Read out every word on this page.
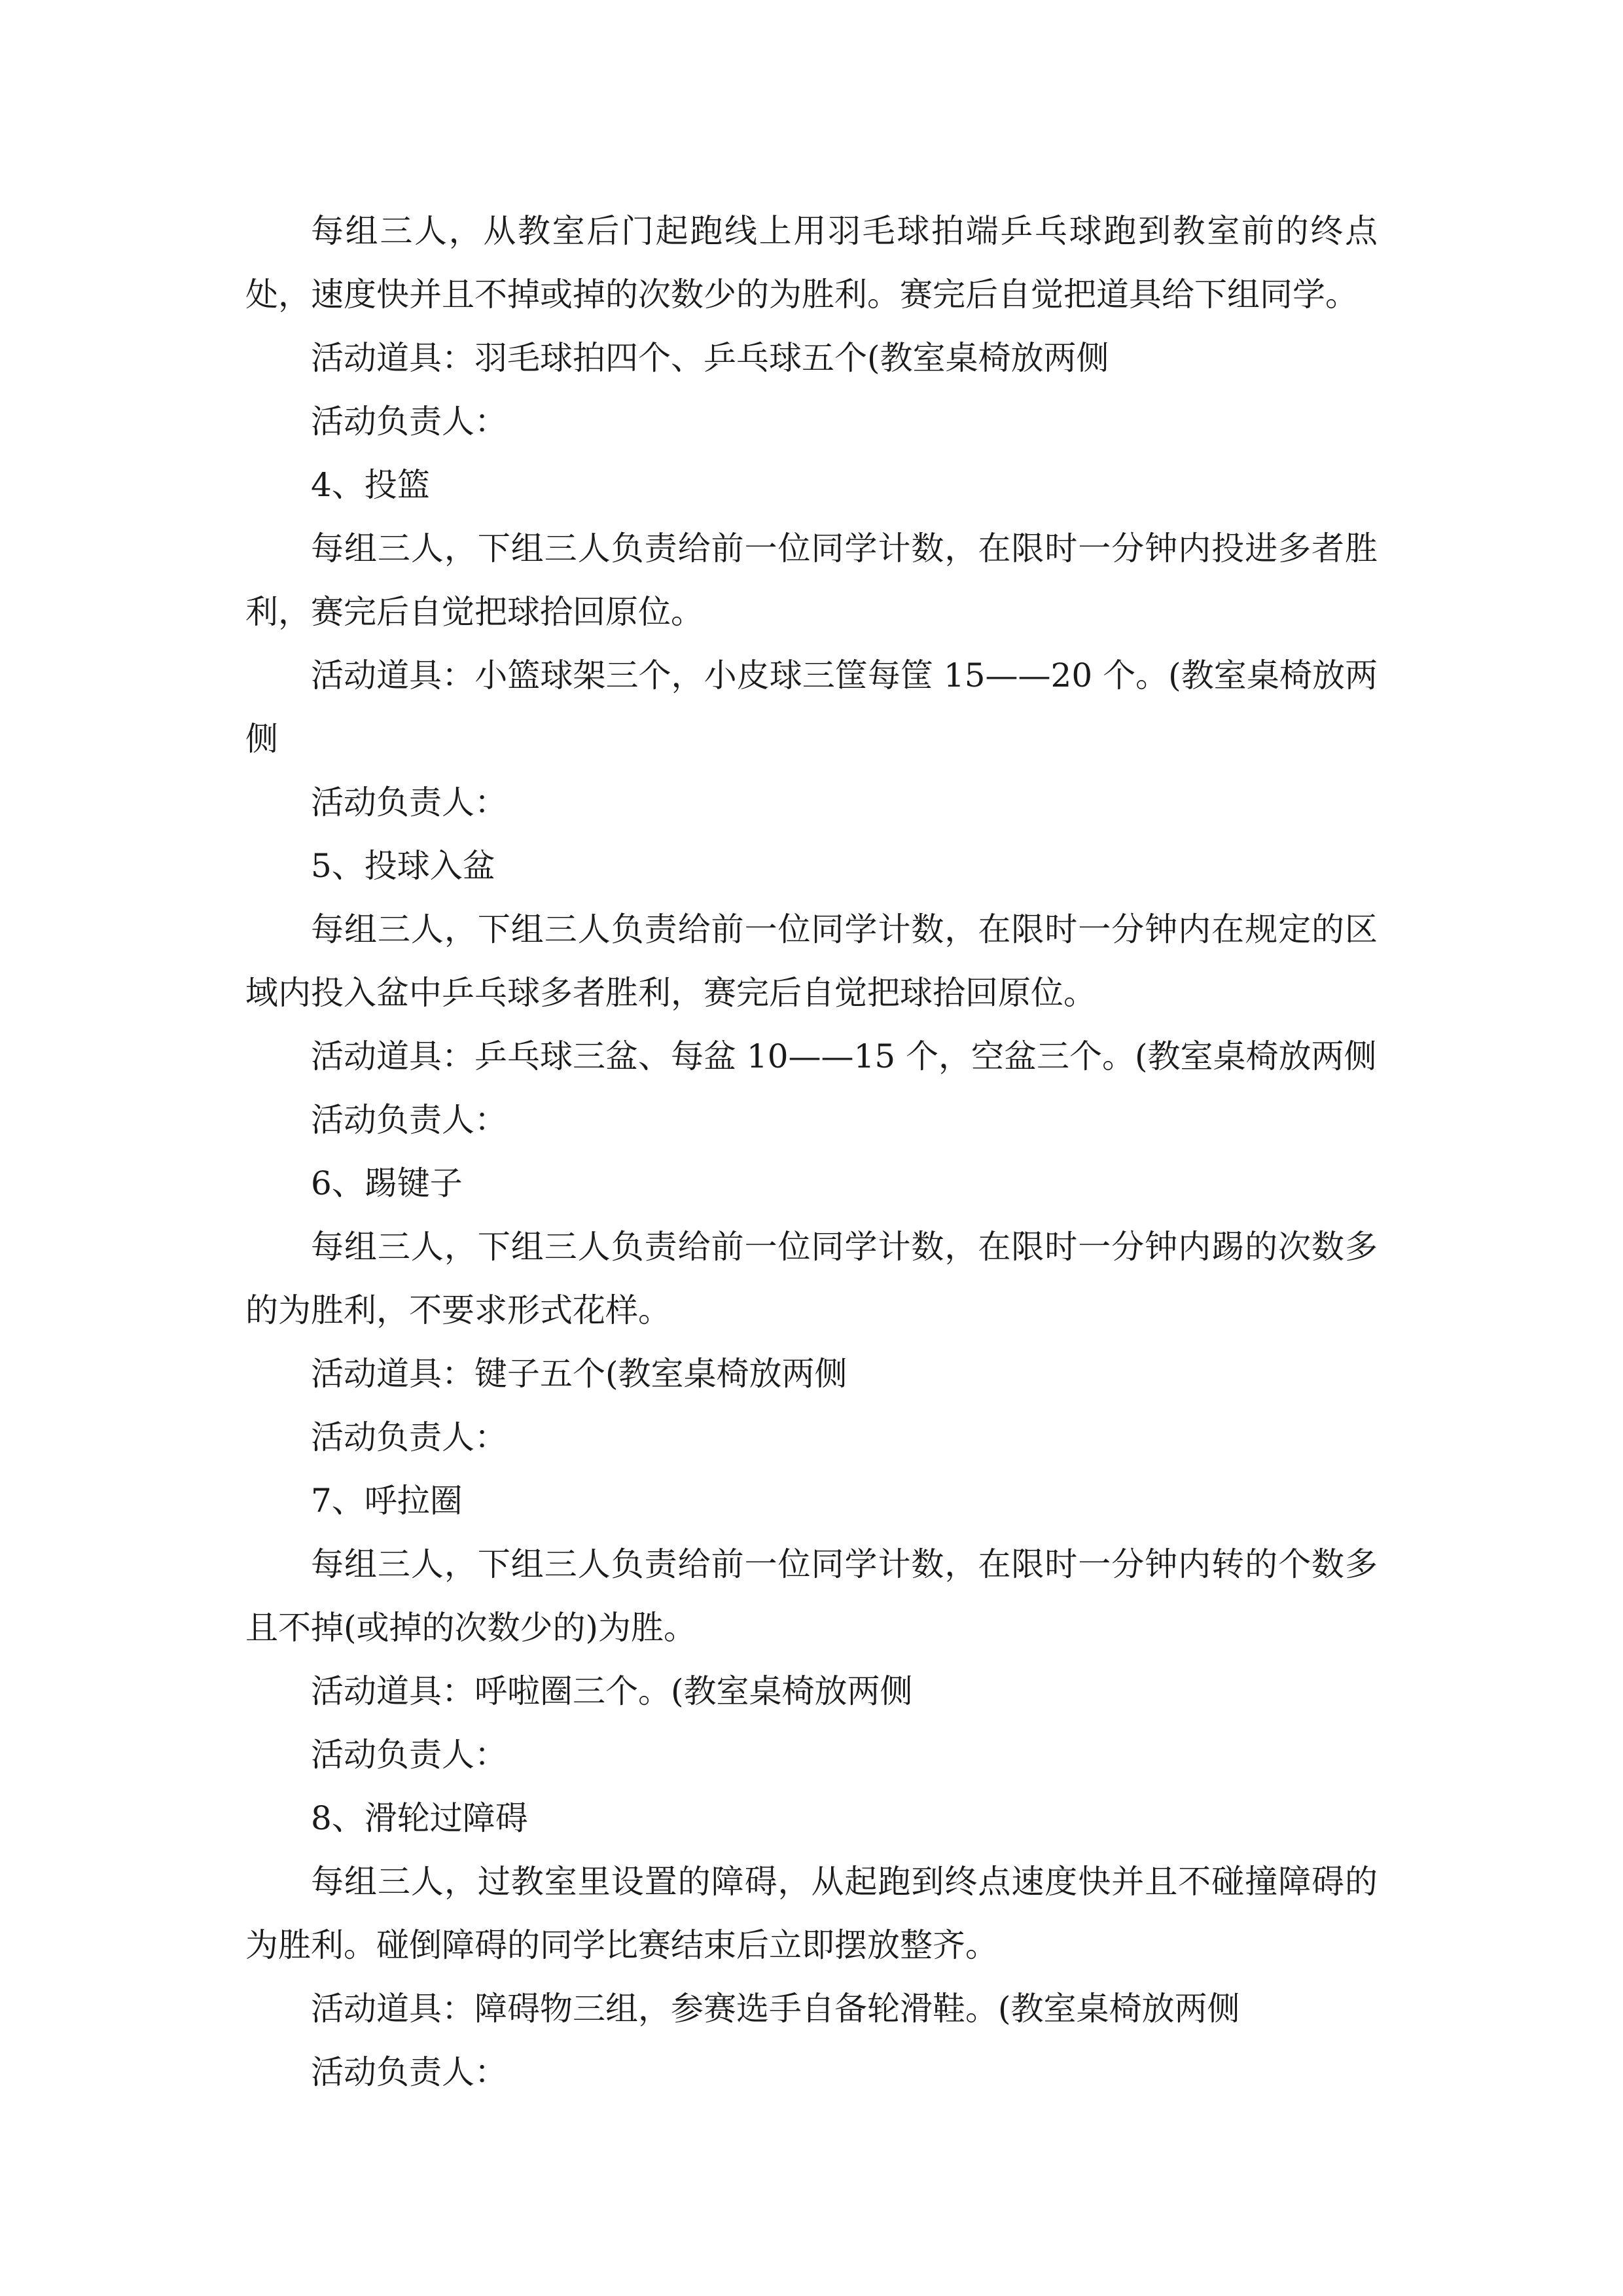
每组三人，从教室后门起跑线上用羽毛球拍端乒乓球跑到教室前的终点处，速度快并且不掉或掉的次数少的为胜利。赛完后自觉把道具给下组同学。

活动道具：羽毛球拍四个、乒乓球五个(教室桌椅放两侧

活动负责人：

4、投篮

每组三人，下组三人负责给前一位同学计数，在限时一分钟内投进多者胜利，赛完后自觉把球拾回原位。

活动道具：小篮球架三个，小皮球三筐每筐 15——20 个。(教室桌椅放两侧

活动负责人：

5、投球入盆

每组三人，下组三人负责给前一位同学计数，在限时一分钟内在规定的区域内投入盆中乒乓球多者胜利，赛完后自觉把球拾回原位。

活动道具：乒乓球三盆、每盆 10——15 个，空盆三个。(教室桌椅放两侧

活动负责人：

6、踢键子

每组三人，下组三人负责给前一位同学计数，在限时一分钟内踢的次数多的为胜利，不要求形式花样。

活动道具：键子五个(教室桌椅放两侧

活动负责人：

7、呼拉圈

每组三人，下组三人负责给前一位同学计数，在限时一分钟内转的个数多且不掉(或掉的次数少的)为胜。

活动道具：呼啦圈三个。(教室桌椅放两侧

活动负责人：

8、滑轮过障碍

每组三人，过教室里设置的障碍，从起跑到终点速度快并且不碰撞障碍的为胜利。碰倒障碍的同学比赛结束后立即摆放整齐。

活动道具：障碍物三组，参赛选手自备轮滑鞋。(教室桌椅放两侧

活动负责人：
